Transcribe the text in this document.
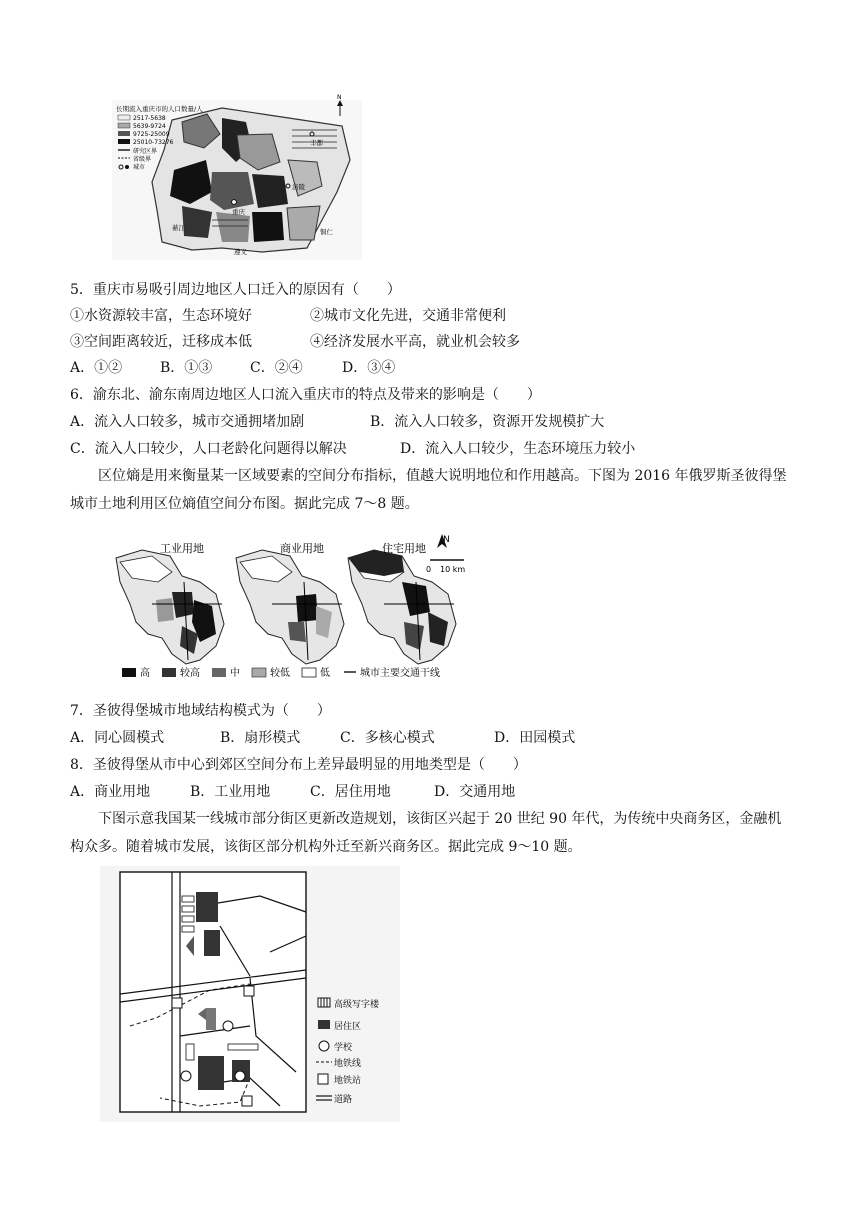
长期流入重庆市的人口数量/人
2517-5638
5639-9724
9725-25009
25010-73276
研究区界
省级界
城市
N
丰都
重庆
涪陵
綦江
遵义
铜仁
5．重庆市易吸引周边地区人口迁入的原因有（　　）
①水资源较丰富，生态环境好	②城市文化先进，交通非常便利
③空间距离较近，迁移成本低	④经济发展水平高，就业机会较多
A．①②	B．①③	C．②④	D．③④
6．渝东北、渝东南周边地区人口流入重庆市的特点及带来的影响是（　　）
A．流入人口较多，城市交通拥堵加剧	B．流入人口较多，资源开发规模扩大
C．流入人口较少，人口老龄化问题得以解决	D．流入人口较少，生态环境压力较小
区位熵是用来衡量某一区域要素的空间分布指标，值越大说明地位和作用越高。下图为 2016 年俄罗斯圣彼得堡城市土地利用区位熵值空间分布图。据此完成 7～8 题。
工业用地	商业用地	住宅用地
N
0 10 km
高	较高	中	较低	低	城市主要交通干线
7．圣彼得堡城市地域结构模式为（　　）
A．同心圆模式	B．扇形模式	C．多核心模式	D．田园模式
8．圣彼得堡从市中心到郊区空间分布上差异最明显的用地类型是（　　）
A．商业用地	B．工业用地	C．居住用地	D．交通用地
下图示意我国某一线城市部分街区更新改造规划，该街区兴起于 20 世纪 90 年代，为传统中央商务区，金融机构众多。随着城市发展，该街区部分机构外迁至新兴商务区。据此完成 9～10 题。
高级写字楼
居住区
学校
地铁线
地铁站
道路
